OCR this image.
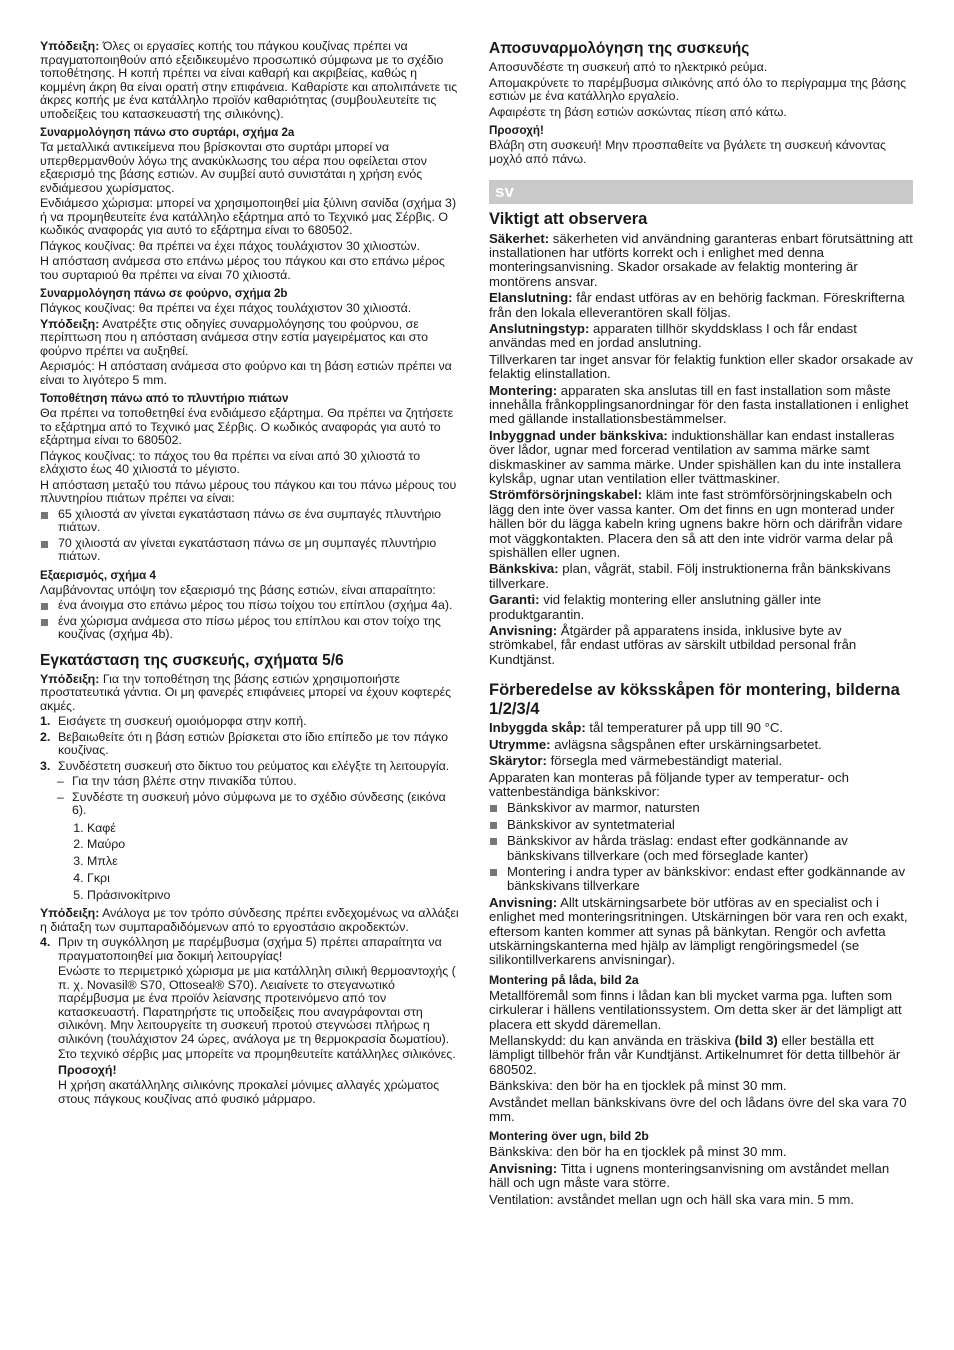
Υπόδειξη: Όλες οι εργασίες κοπής του πάγκου κουζίνας πρέπει να πραγματοποιηθούν από εξειδικευμένο προσωπικό σύμφωνα με το σχέδιο τοποθέτησης. Η κοπή πρέπει να είναι καθαρή και ακριβείας, καθώς η κομμένη άκρη θα είναι ορατή στην επιφάνεια. Καθαρίστε και απολιπάνετε τις άκρες κοπής με ένα κατάλληλο προϊόν καθαριότητας (συμβουλευτείτε τις υποδείξεις του κατασκευαστή της σιλικόνης).

Συναρμολόγηση πάνω στο συρτάρι, σχήμα 2a

Τα μεταλλικά αντικείμενα που βρίσκονται στο συρτάρι μπορεί να υπερθερμανθούν λόγω της ανακύκλωσης του αέρα που οφείλεται στον εξαερισμό της βάσης εστιών. Αν συμβεί αυτό συνιστάται η χρήση ενός ενδιάμεσου χωρίσματος.

Ενδιάμεσο χώρισμα: μπορεί να χρησιμοποιηθεί μία ξύλινη σανίδα (σχήμα 3) ή να προμηθευτείτε ένα κατάλληλο εξάρτημα από το Τεχνικό μας Σέρβις. Ο κωδικός αναφοράς για αυτό το εξάρτημα είναι το 680502.

Πάγκος κουζίνας: θα πρέπει να έχει πάχος τουλάχιστον 30 χιλιοστών.

Η απόσταση ανάμεσα στο επάνω μέρος του πάγκου και στο επάνω μέρος του συρταριού θα πρέπει να είναι 70 χιλιοστά.

Συναρμολόγηση πάνω σε φούρνο, σχήμα 2b

Πάγκος κουζίνας: θα πρέπει να έχει πάχος τουλάχιστον 30 χιλιοστά.

Υπόδειξη: Ανατρέξτε στις οδηγίες συναρμολόγησης του φούρνου, σε περίπτωση που η απόσταση ανάμεσα στην εστία μαγειρέματος και στο φούρνο πρέπει να αυξηθεί.

Αερισμός: Η απόσταση ανάμεσα στο φούρνο και τη βάση εστιών πρέπει να είναι το λιγότερο 5 mm.

Τοποθέτηση πάνω από το πλυντήριο πιάτων

Θα πρέπει να τοποθετηθεί ένα ενδιάμεσο εξάρτημα. Θα πρέπει να ζητήσετε το εξάρτημα από το Τεχνικό μας Σέρβις. Ο κωδικός αναφοράς για αυτό το εξάρτημα είναι το 680502.

Πάγκος κουζίνας: το πάχος του θα πρέπει να είναι από 30 χιλιοστά το ελάχιστο έως 40 χιλιοστά το μέγιστο.

Η απόσταση μεταξύ του πάνω μέρους του πάγκου και του πάνω μέρους του πλυντηρίου πιάτων πρέπει να είναι:

65 χιλιοστά αν γίνεται εγκατάσταση πάνω σε ένα συμπαγές πλυντήριο πιάτων.
70 χιλιοστά αν γίνεται εγκατάσταση πάνω σε μη συμπαγές πλυντήριο πιάτων.
Εξαερισμός, σχήμα 4

Λαμβάνοντας υπόψη τον εξαερισμό της βάσης εστιών, είναι απαραίτητο:

ένα άνοιγμα στο επάνω μέρος του πίσω τοίχου του επίπλου (σχήμα 4a).
ένα χώρισμα ανάμεσα στο πίσω μέρος του επίπλου και στον τοίχο της κουζίνας (σχήμα 4b).
Εγκατάσταση της συσκευής, σχήματα 5/6

Υπόδειξη: Για την τοποθέτηση της βάσης εστιών χρησιμοποιήστε προστατευτικά γάντια. Οι μη φανερές επιφάνειες μπορεί να έχουν κοφτερές ακμές.

1. Εισάγετε τη συσκευή ομοιόμορφα στην κοπή.

2. Βεβαιωθείτε ότι η βάση εστιών βρίσκεται στο ίδιο επίπεδο με τον πάγκο κουζίνας.

3. Συνδέστετη συσκευή στο δίκτυο του ρεύματος και ελέγξτε τη λειτουργία.

– Για την τάση βλέπε στην πινακίδα τύπου.

– Συνδέστε τη συσκευή μόνο σύμφωνα με το σχέδιο σύνδεσης (εικόνα 6).

1. Καφέ
2. Μαύρο
3. Μπλε
4. Γκρι
5. Πράσινοκίτρινο

Υπόδειξη: Ανάλογα με τον τρόπο σύνδεσης πρέπει ενδεχομένως να αλλάξει η διάταξη των συμπαραδιδόμενων από το εργοστάσιο ακροδεκτών.

4. Πριν τη συγκόλληση με παρέμβυσμα (σχήμα 5) πρέπει απαραίτητα να πραγματοποιηθεί μια δοκιμή λειτουργίας!

Ενώστε το περιμετρικό χώρισμα με μια κατάλληλη σιλική θερμοαντοχής ( π. χ. Novasil® S70, Ottoseal® S70). Λειαίνετε το στεγανωτικό παρέμβυσμα με ένα προϊόν λείανσης προτεινόμενο από τον κατασκευαστή. Παρατηρήστε τις υποδείξεις που αναγράφονται στη σιλικόνη. Μην λειτουργείτε τη συσκευή προτού στεγνώσει πλήρως η σιλικόνη (τουλάχιστον 24 ώρες, ανάλογα με τη θερμοκρασία δωματίου).

Στο τεχνικό σέρβις μας μπορείτε να προμηθευτείτε κατάλληλες σιλικόνες.

Προσοχή!

Η χρήση ακατάλληλης σιλικόνης προκαλεί μόνιμες αλλαγές χρώματος στους πάγκους κουζίνας από φυσικό μάρμαρο.

Αποσυναρμολόγηση της συσκευής

Αποσυνδέστε τη συσκευή από το ηλεκτρικό ρεύμα.

Απομακρύνετε το παρέμβυσμα σιλικόνης από όλο το περίγραμμα της βάσης εστιών με ένα κατάλληλο εργαλείο.

Αφαιρέστε τη βάση εστιών ασκώντας πίεση από κάτω.

Προσοχή!

Βλάβη στη συσκευή! Μην προσπαθείτε να βγάλετε τη συσκευή κάνοντας μοχλό από πάνω.

sv
Viktigt att observera

Säkerhet: säkerheten vid användning garanteras enbart förutsättning att installationen har utförts korrekt och i enlighet med denna monteringsanvisning. Skador orsakade av felaktig montering är montörens ansvar.

Elanslutning: får endast utföras av en behörig fackman. Föreskrifterna från den lokala elleverantören skall följas.

Anslutningstyp: apparaten tillhör skyddsklass I och får endast användas med en jordad anslutning.

Tillverkaren tar inget ansvar för felaktig funktion eller skador orsakade av felaktig elinstallation.

Montering: apparaten ska anslutas till en fast installation som måste innehålla frånkopplingsanordningar för den fasta installationen i enlighet med gällande installationsbestämmelser.

Inbyggnad under bänkskiva: induktionshällar kan endast installeras över lådor, ugnar med forcerad ventilation av samma märke samt diskmaskiner av samma märke. Under spishällen kan du inte installera kylskåp, ugnar utan ventilation eller tvättmaskiner.

Strömförsörjningskabel: kläm inte fast strömförsörjningskabeln och lägg den inte över vassa kanter. Om det finns en ugn monterad under hällen bör du lägga kabeln kring ugnens bakre hörn och därifrån vidare mot väggkontakten. Placera den så att den inte vidrör varma delar på spishällen eller ugnen.

Bänkskiva: plan, vågrät, stabil. Följ instruktionerna från bänkskivans tillverkare.

Garanti: vid felaktig montering eller anslutning gäller inte produktgarantin.

Anvisning: Åtgärder på apparatens insida, inklusive byte av strömkabel, får endast utföras av särskilt utbildad personal från Kundtjänst.

Förberedelse av köksskåpen för montering, bilderna 1/2/3/4

Inbyggda skåp: tål temperaturer på upp till 90 °C.

Utrymme: avlägsna sågspånen efter urskärningsarbetet.

Skärytor: försegla med värmebeständigt material.

Apparaten kan monteras på följande typer av temperatur- och vattenbeständiga bänkskivor:

Bänkskivor av marmor, natursten
Bänkskivor av syntetmaterial
Bänkskivor av hårda träslag: endast efter godkännande av bänkskivans tillverkare (och med förseglade kanter)
Montering i andra typer av bänkskivor: endast efter godkännande av bänkskivans tillverkare

Anvisning: Allt utskärningsarbete bör utföras av en specialist och i enlighet med monteringsritningen. Utskärningen bör vara ren och exakt, eftersom kanten kommer att synas på bänkytan. Rengör och avfetta utskärningskanterna med hjälp av lämpligt rengöringsmedel (se silikontillverkarens anvisningar).

Montering på låda, bild 2a

Metallföremål som finns i lådan kan bli mycket varma pga. luften som cirkulerar i hällens ventilationssystem. Om detta sker är det lämpligt att placera ett skydd däremellan.

Mellanskydd: du kan använda en träskiva (bild 3) eller beställa ett lämpligt tillbehör från vår Kundtjänst. Artikelnumret för detta tillbehör är 680502.

Bänkskiva: den bör ha en tjocklek på minst 30 mm.

Avståndet mellan bänkskivans övre del och lådans övre del ska vara 70 mm.

Montering över ugn, bild 2b

Bänkskiva: den bör ha en tjocklek på minst 30 mm.

Anvisning: Titta i ugnens monteringsanvisning om avståndet mellan häll och ugn måste vara större.

Ventilation: avståndet mellan ugn och häll ska vara min. 5 mm.
